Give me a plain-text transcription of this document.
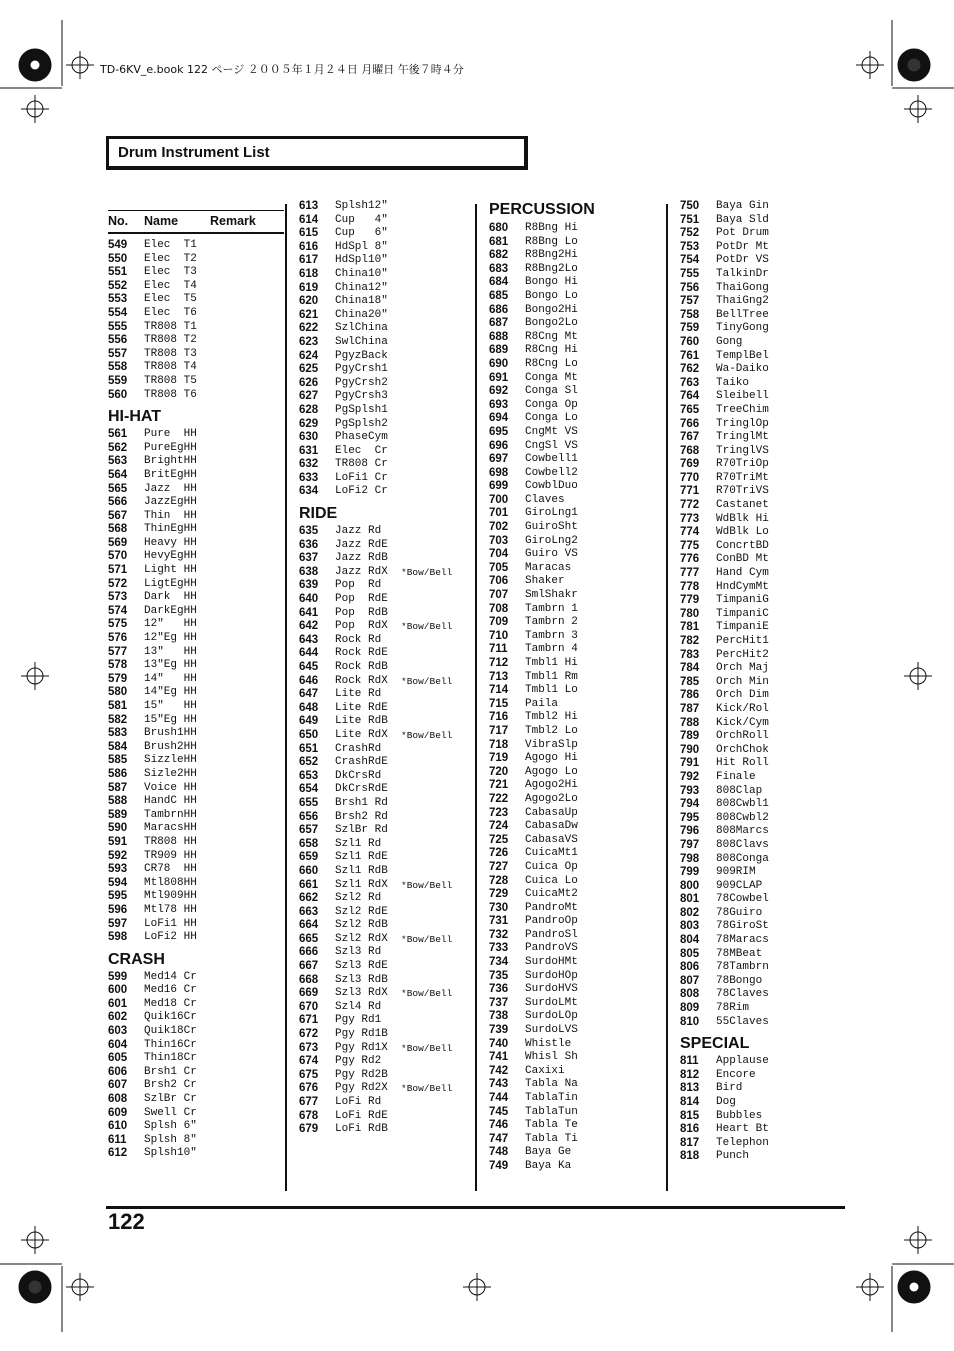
TD-6KV_e.book 122 ページ ２００５年１月２４日 月曜日 午後７時４分
Drum Instrument List
No.	Name	Remark
549	Elec  T1
550	Elec  T2
551	Elec  T3
552	Elec  T4
553	Elec  T5
554	Elec  T6
555	TR808 T1
556	TR808 T2
557	TR808 T3
558	TR808 T4
559	TR808 T5
560	TR808 T6
HI-HAT
561	Pure  HH
562	PureEgHH
563	BrightHH
564	BritEgHH
565	Jazz  HH
566	JazzEgHH
567	Thin  HH
568	ThinEgHH
569	Heavy HH
570	HevyEgHH
571	Light HH
572	LigtEgHH
573	Dark  HH
574	DarkEgHH
575	12"   HH
576	12"Eg HH
577	13"   HH
578	13"Eg HH
579	14"   HH
580	14"Eg HH
581	15"   HH
582	15"Eg HH
583	Brush1HH
584	Brush2HH
585	SizzleHH
586	Sizle2HH
587	Voice HH
588	HandC HH
589	TambrnHH
590	MaracsHH
591	TR808 HH
592	TR909 HH
593	CR78  HH
594	Mtl808HH
595	Mtl909HH
596	Mtl78 HH
597	LoFi1 HH
598	LoFi2 HH
CRASH
599	Med14 Cr
600	Med16 Cr
601	Med18 Cr
602	Quik16Cr
603	Quik18Cr
604	Thin16Cr
605	Thin18Cr
606	Brsh1 Cr
607	Brsh2 Cr
608	SzlBr Cr
609	Swell Cr
610	Splsh 6"
611	Splsh 8"
612	Splsh10"
613	Splsh12"
614	Cup   4"
615	Cup   6"
616	HdSpl 8"
617	HdSpl10"
618	China10"
619	China12"
620	China18"
621	China20"
622	SzlChina
623	SwlChina
624	PgyzBack
625	PgyCrsh1
626	PgyCrsh2
627	PgyCrsh3
628	PgSplsh1
629	PgSplsh2
630	PhaseCym
631	Elec  Cr
632	TR808 Cr
633	LoFi1 Cr
634	LoFi2 Cr
RIDE
635	Jazz Rd
636	Jazz RdE
637	Jazz RdB
638	Jazz RdX	*Bow/Bell
639	Pop  Rd
640	Pop  RdE
641	Pop  RdB
642	Pop  RdX	*Bow/Bell
643	Rock Rd
644	Rock RdE
645	Rock RdB
646	Rock RdX	*Bow/Bell
647	Lite Rd
648	Lite RdE
649	Lite RdB
650	Lite RdX	*Bow/Bell
651	CrashRd
652	CrashRdE
653	DkCrsRd
654	DkCrsRdE
655	Brsh1 Rd
656	Brsh2 Rd
657	SzlBr Rd
658	Szl1 Rd
659	Szl1 RdE
660	Szl1 RdB
661	Szl1 RdX	*Bow/Bell
662	Szl2 Rd
663	Szl2 RdE
664	Szl2 RdB
665	Szl2 RdX	*Bow/Bell
666	Szl3 Rd
667	Szl3 RdE
668	Szl3 RdB
669	Szl3 RdX	*Bow/Bell
670	Szl4 Rd
671	Pgy Rd1
672	Pgy Rd1B
673	Pgy Rd1X	*Bow/Bell
674	Pgy Rd2
675	Pgy Rd2B
676	Pgy Rd2X	*Bow/Bell
677	LoFi Rd
678	LoFi RdE
679	LoFi RdB
PERCUSSION
680	R8Bng Hi
681	R8Bng Lo
682	R8Bng2Hi
683	R8Bng2Lo
684	Bongo Hi
685	Bongo Lo
686	Bongo2Hi
687	Bongo2Lo
688	R8Cng Mt
689	R8Cng Hi
690	R8Cng Lo
691	Conga Mt
692	Conga Sl
693	Conga Op
694	Conga Lo
695	CngMt VS
696	CngSl VS
697	Cowbell1
698	Cowbell2
699	CowblDuo
700	Claves
701	GiroLng1
702	GuiroSht
703	GiroLng2
704	Guiro VS
705	Maracas
706	Shaker
707	SmlShakr
708	Tambrn 1
709	Tambrn 2
710	Tambrn 3
711	Tambrn 4
712	Tmbl1 Hi
713	Tmbl1 Rm
714	Tmbl1 Lo
715	Paila
716	Tmbl2 Hi
717	Tmbl2 Lo
718	VibraSlp
719	Agogo Hi
720	Agogo Lo
721	Agogo2Hi
722	Agogo2Lo
723	CabasaUp
724	CabasaDw
725	CabasaVS
726	CuicaMt1
727	Cuica Op
728	Cuica Lo
729	CuicaMt2
730	PandroMt
731	PandroOp
732	PandroSl
733	PandroVS
734	SurdoHMt
735	SurdoHOp
736	SurdoHVS
737	SurdoLMt
738	SurdoLOp
739	SurdoLVS
740	Whistle
741	Whisl Sh
742	Caxixi
743	Tabla Na
744	TablaTin
745	TablaTun
746	Tabla Te
747	Tabla Ti
748	Baya Ge
749	Baya Ka
750	Baya Gin
751	Baya Sld
752	Pot Drum
753	PotDr Mt
754	PotDr VS
755	TalkinDr
756	ThaiGong
757	ThaiGng2
758	BellTree
759	TinyGong
760	Gong
761	TemplBel
762	Wa-Daiko
763	Taiko
764	Sleibell
765	TreeChim
766	TringlOp
767	TringlMt
768	TringlVS
769	R70TriOp
770	R70TriMt
771	R70TriVS
772	Castanet
773	WdBlk Hi
774	WdBlk Lo
775	ConcrtBD
776	ConBD Mt
777	Hand Cym
778	HndCymMt
779	TimpaniG
780	TimpaniC
781	TimpaniE
782	PercHit1
783	PercHit2
784	Orch Maj
785	Orch Min
786	Orch Dim
787	Kick/Rol
788	Kick/Cym
789	OrchRoll
790	OrchChok
791	Hit Roll
792	Finale
793	808Clap
794	808Cwbl1
795	808Cwbl2
796	808Marcs
797	808Clavs
798	808Conga
799	909RIM
800	909CLAP
801	78Cowbel
802	78Guiro
803	78GiroSt
804	78Maracs
805	78MBeat
806	78Tambrn
807	78Bongo
808	78Claves
809	78Rim
810	55Claves
SPECIAL
811	Applause
812	Encore
813	Bird
814	Dog
815	Bubbles
816	Heart Bt
817	Telephon
818	Punch
122
